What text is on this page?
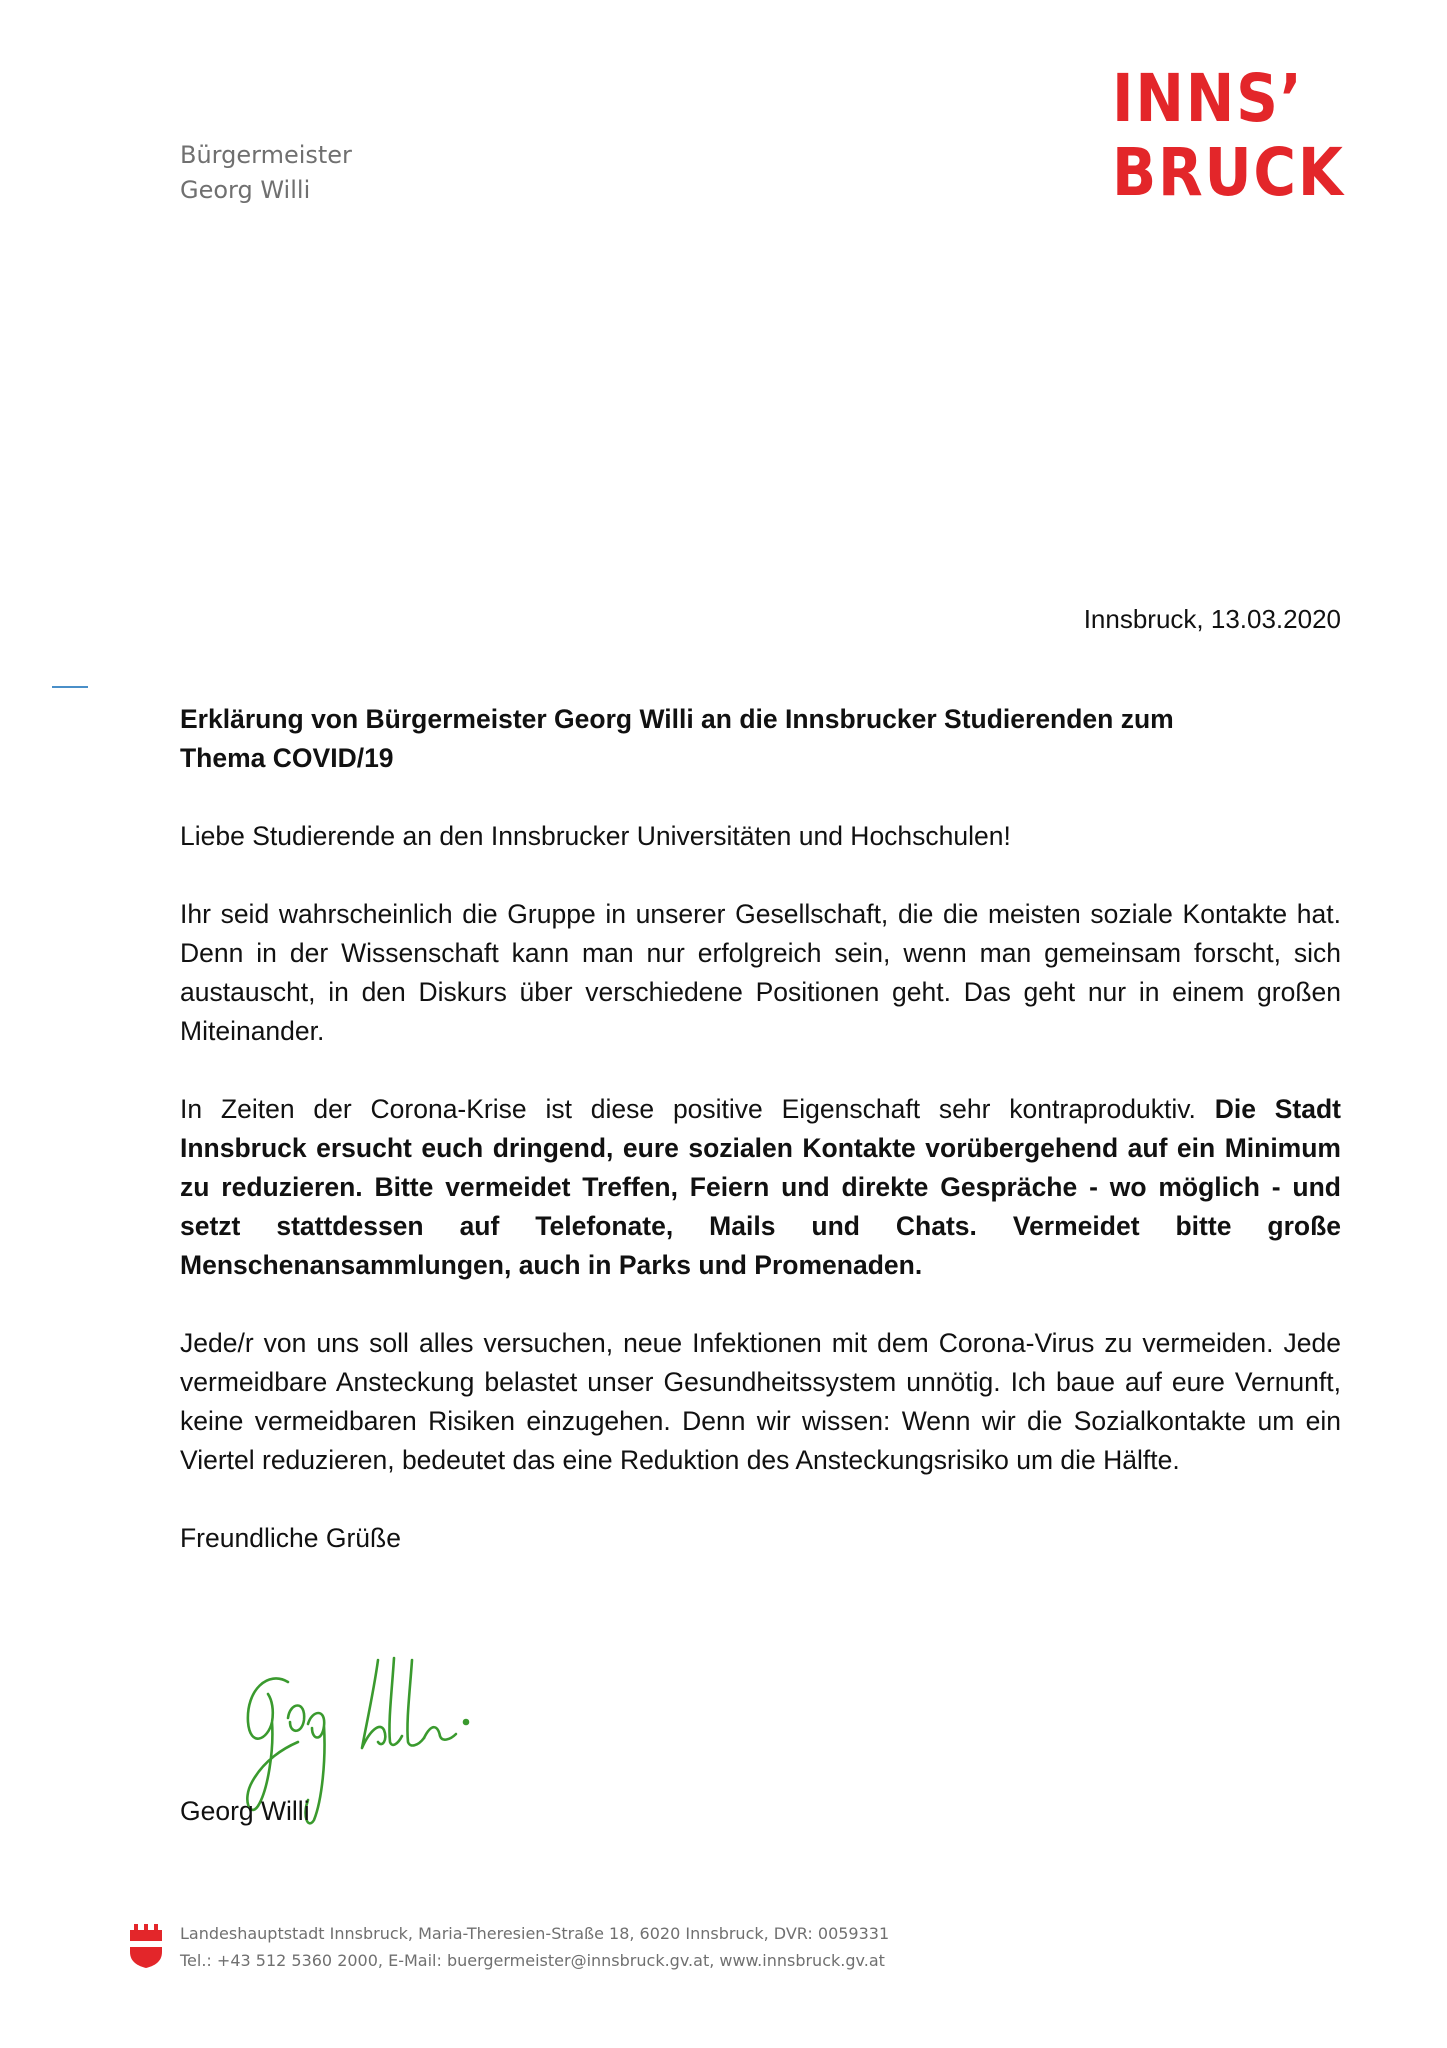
Bürgermeister
Georg Willi
INNS’
BRUCK
Innsbruck, 13.03.2020

Erklärung von Bürgermeister Georg Willi an die Innsbrucker Studierenden zum
Thema COVID/19

Liebe Studierende an den Innsbrucker Universitäten und Hochschulen!

Ihr seid wahrscheinlich die Gruppe in unserer Gesellschaft, die die meisten soziale Kontakte hat. Denn in der Wissenschaft kann man nur erfolgreich sein, wenn man gemeinsam forscht, sich austauscht, in den Diskurs über verschiedene Positionen geht. Das geht nur in einem großen Miteinander.

In Zeiten der Corona-Krise ist diese positive Eigenschaft sehr kontraproduktiv. Die Stadt Innsbruck ersucht euch dringend, eure sozialen Kontakte vorübergehend auf ein Minimum zu reduzieren. Bitte vermeidet Treffen, Feiern und direkte Gespräche - wo möglich - und setzt stattdessen auf Telefonate, Mails und Chats. Vermeidet bitte große Menschenansammlungen, auch in Parks und Promenaden.

Jede/r von uns soll alles versuchen, neue Infektionen mit dem Corona-Virus zu vermeiden. Jede vermeidbare Ansteckung belastet unser Gesundheitssystem unnötig. Ich baue auf eure Vernunft, keine vermeidbaren Risiken einzugehen. Denn wir wissen: Wenn wir die Sozialkontakte um ein Viertel reduzieren, bedeutet das eine Reduktion des Ansteckungsrisiko um die Hälfte.

Freundliche Grüße

Georg Willi
Landeshauptstadt Innsbruck, Maria-Theresien-Straße 18, 6020 Innsbruck, DVR: 0059331
Tel.: +43 512 5360 2000, E-Mail: buergermeister@innsbruck.gv.at, www.innsbruck.gv.at
